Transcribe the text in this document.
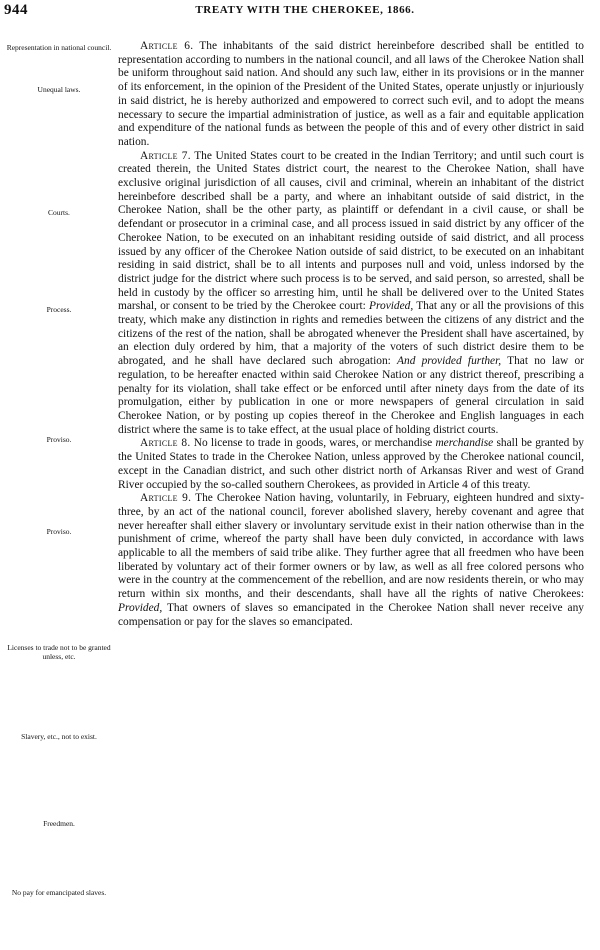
944	TREATY WITH THE CHEROKEE, 1866.
Representation in national council.
Unequal laws.
Courts.
Process.
Proviso.
Proviso.
Licenses to trade not to be granted unless, etc.
Slavery, etc., not to exist.
Freedmen.
No pay for emancipated slaves.

Article 6. The inhabitants of the said district hereinbefore described shall be entitled to representation according to numbers in the national council, and all laws of the Cherokee Nation shall be uniform throughout said nation. And should any such law, either in its provisions or in the manner of its enforcement, in the opinion of the President of the United States, operate unjustly or injuriously in said district, he is hereby authorized and empowered to correct such evil, and to adopt the means necessary to secure the impartial administration of justice, as well as a fair and equitable application and expenditure of the national funds as between the people of this and of every other district in said nation.

Article 7. The United States court to be created in the Indian Territory; and until such court is created therein, the United States district court, the nearest to the Cherokee Nation, shall have exclusive original jurisdiction of all causes, civil and criminal, wherein an inhabitant of the district hereinbefore described shall be a party, and where an inhabitant outside of said district, in the Cherokee Nation, shall be the other party, as plaintiff or defendant in a civil cause, or shall be defendant or prosecutor in a criminal case, and all process issued in said district by any officer of the Cherokee Nation, to be executed on an inhabitant residing outside of said district, and all process issued by any officer of the Cherokee Nation outside of said district, to be executed on an inhabitant residing in said district, shall be to all intents and purposes null and void, unless indorsed by the district judge for the district where such process is to be served, and said person, so arrested, shall be held in custody by the officer so arresting him, until he shall be delivered over to the United States marshal, or consent to be tried by the Cherokee court: Provided, That any or all the provisions of this treaty, which make any distinction in rights and remedies between the citizens of any district and the citizens of the rest of the nation, shall be abrogated whenever the President shall have ascertained, by an election duly ordered by him, that a majority of the voters of such district desire them to be abrogated, and he shall have declared such abrogation: And provided further, That no law or regulation, to be hereafter enacted within said Cherokee Nation or any district thereof, prescribing a penalty for its violation, shall take effect or be enforced until after ninety days from the date of its promulgation, either by publication in one or more newspapers of general circulation in said Cherokee Nation, or by posting up copies thereof in the Cherokee and English languages in each district where the same is to take effect, at the usual place of holding district courts.

Article 8. No license to trade in goods, wares, or merchandise merchandise shall be granted by the United States to trade in the Cherokee Nation, unless approved by the Cherokee national council, except in the Canadian district, and such other district north of Arkansas River and west of Grand River occupied by the so-called southern Cherokees, as provided in Article 4 of this treaty.

Article 9. The Cherokee Nation having, voluntarily, in February, eighteen hundred and sixty-three, by an act of the national council, forever abolished slavery, hereby covenant and agree that never hereafter shall either slavery or involuntary servitude exist in their nation otherwise than in the punishment of crime, whereof the party shall have been duly convicted, in accordance with laws applicable to all the members of said tribe alike. They further agree that all freedmen who have been liberated by voluntary act of their former owners or by law, as well as all free colored persons who were in the country at the commencement of the rebellion, and are now residents therein, or who may return within six months, and their descendants, shall have all the rights of native Cherokees: Provided, That owners of slaves so emancipated in the Cherokee Nation shall never receive any compensation or pay for the slaves so emancipated.
